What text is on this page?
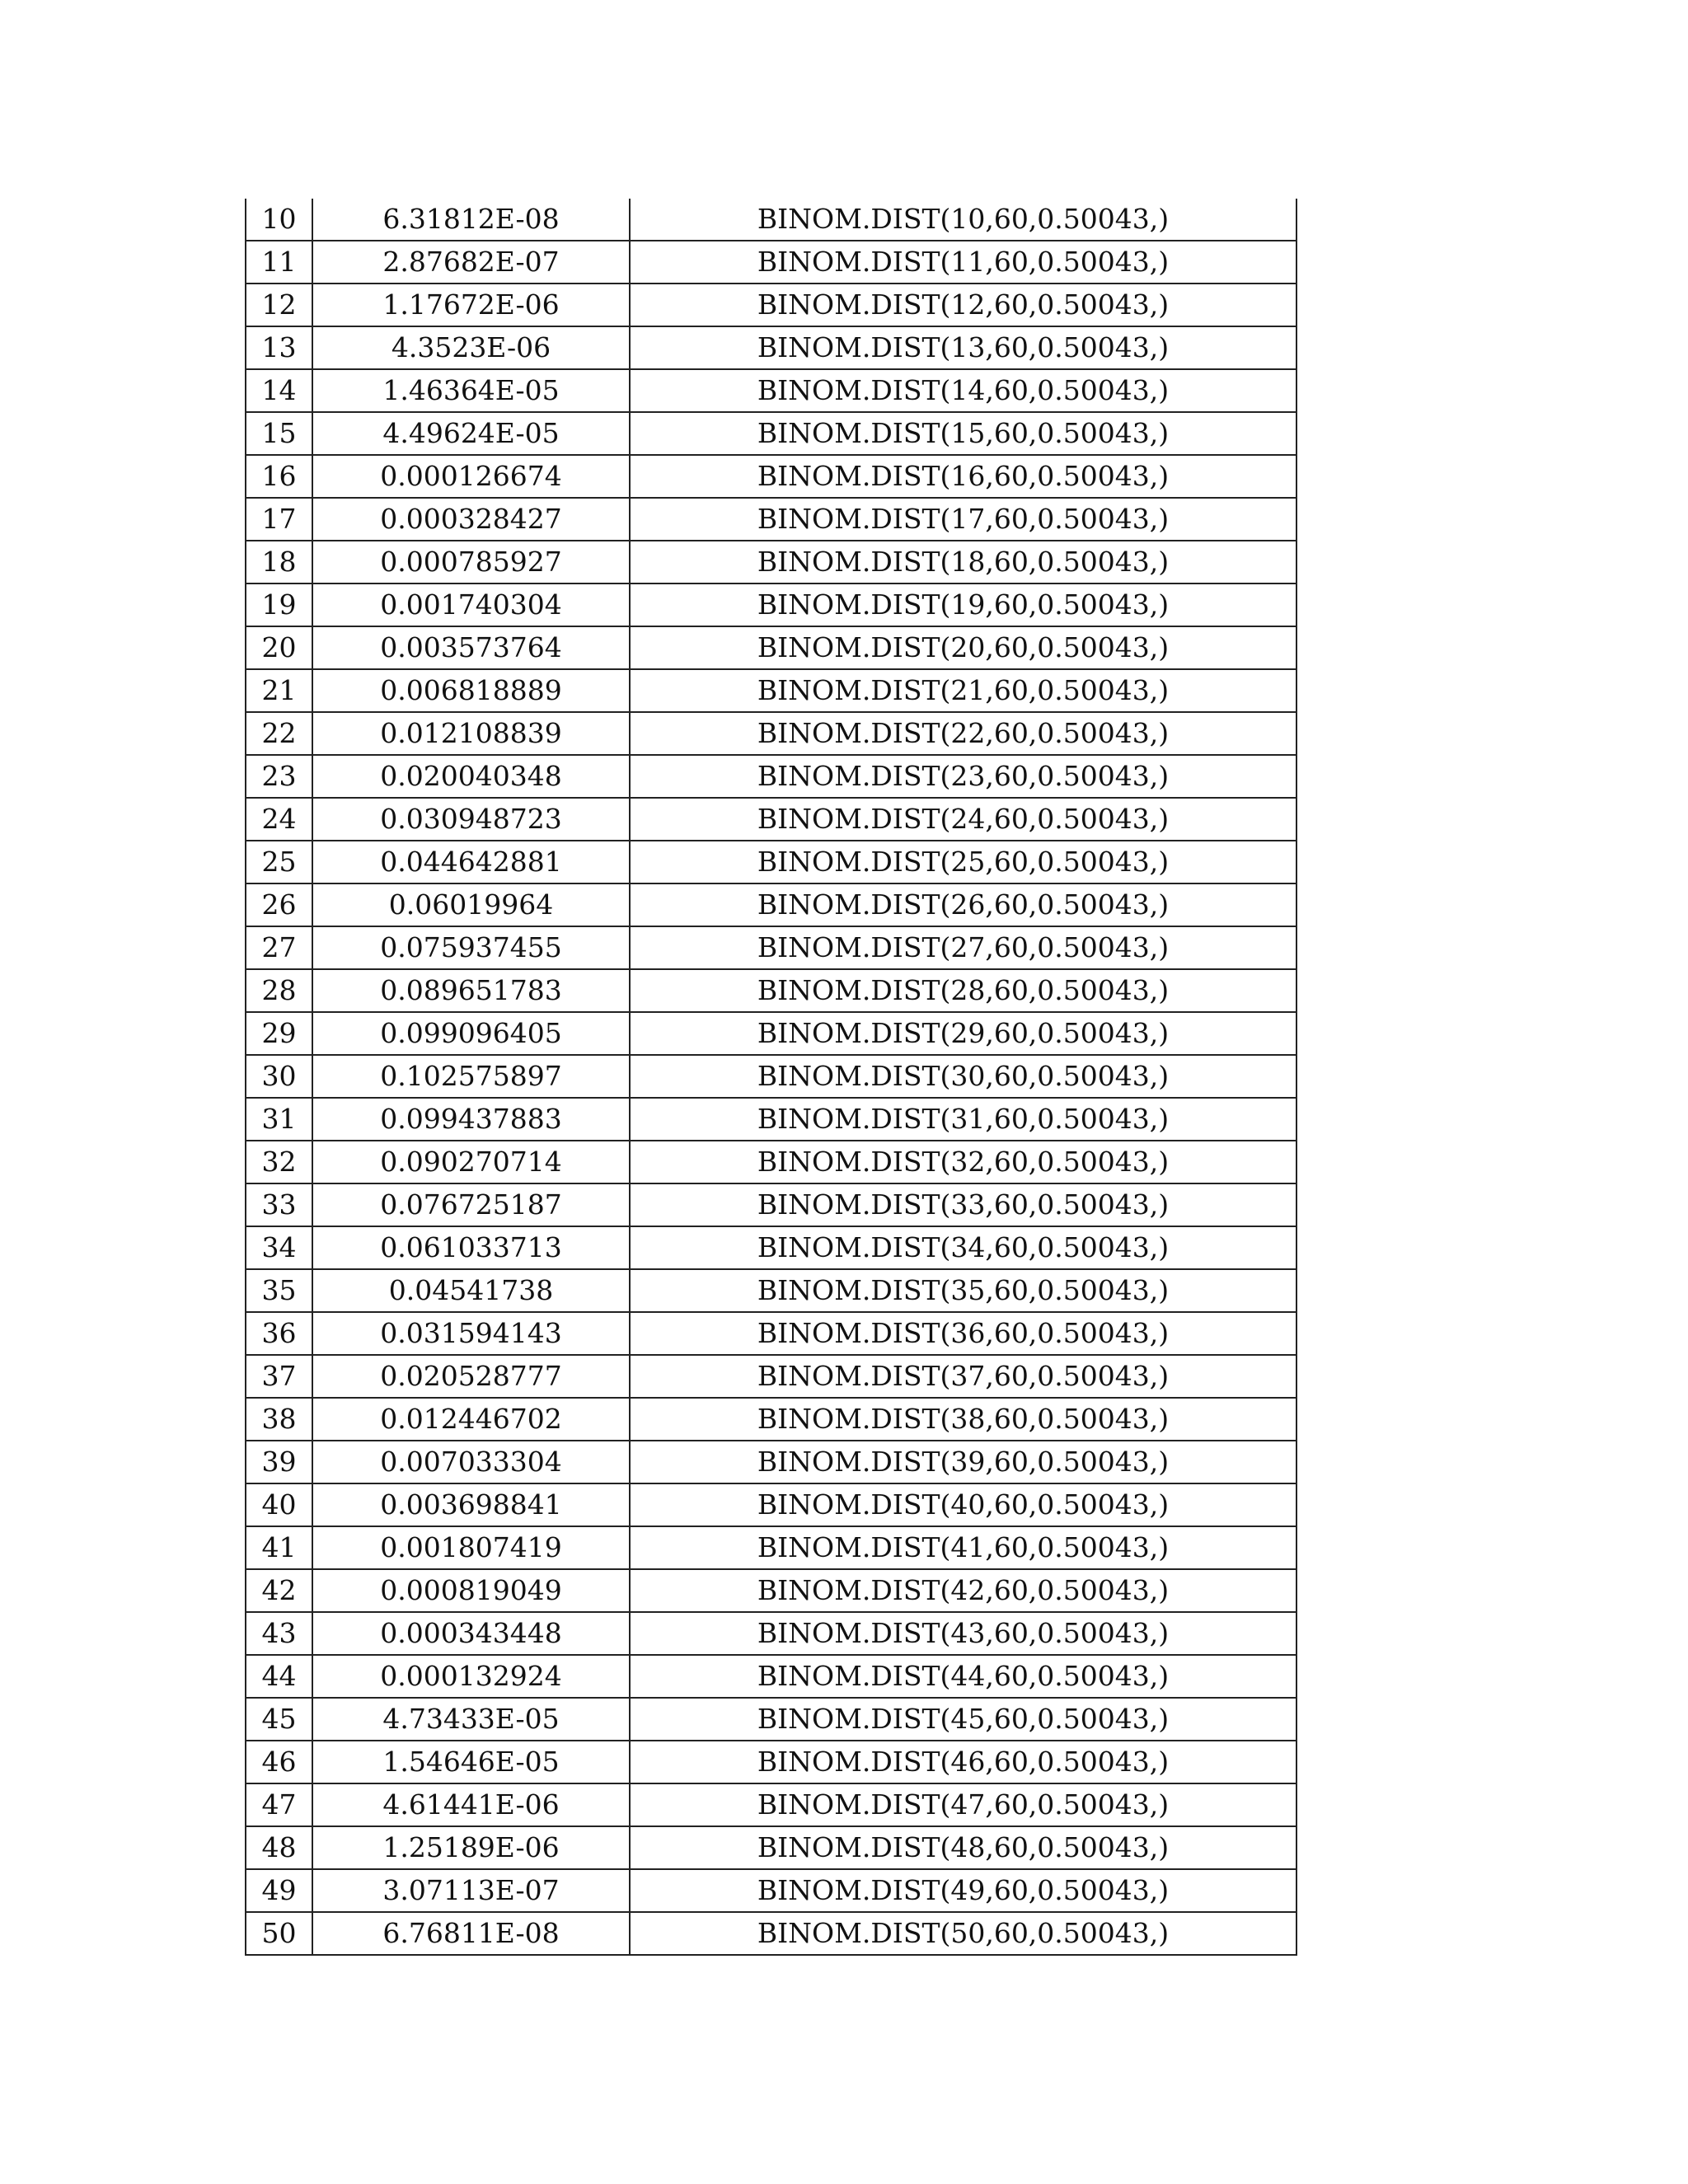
10	6.31812E-08	BINOM.DIST(10,60,0.50043,)
11	2.87682E-07	BINOM.DIST(11,60,0.50043,)
12	1.17672E-06	BINOM.DIST(12,60,0.50043,)
13	4.3523E-06	BINOM.DIST(13,60,0.50043,)
14	1.46364E-05	BINOM.DIST(14,60,0.50043,)
15	4.49624E-05	BINOM.DIST(15,60,0.50043,)
16	0.000126674	BINOM.DIST(16,60,0.50043,)
17	0.000328427	BINOM.DIST(17,60,0.50043,)
18	0.000785927	BINOM.DIST(18,60,0.50043,)
19	0.001740304	BINOM.DIST(19,60,0.50043,)
20	0.003573764	BINOM.DIST(20,60,0.50043,)
21	0.006818889	BINOM.DIST(21,60,0.50043,)
22	0.012108839	BINOM.DIST(22,60,0.50043,)
23	0.020040348	BINOM.DIST(23,60,0.50043,)
24	0.030948723	BINOM.DIST(24,60,0.50043,)
25	0.044642881	BINOM.DIST(25,60,0.50043,)
26	0.06019964	BINOM.DIST(26,60,0.50043,)
27	0.075937455	BINOM.DIST(27,60,0.50043,)
28	0.089651783	BINOM.DIST(28,60,0.50043,)
29	0.099096405	BINOM.DIST(29,60,0.50043,)
30	0.102575897	BINOM.DIST(30,60,0.50043,)
31	0.099437883	BINOM.DIST(31,60,0.50043,)
32	0.090270714	BINOM.DIST(32,60,0.50043,)
33	0.076725187	BINOM.DIST(33,60,0.50043,)
34	0.061033713	BINOM.DIST(34,60,0.50043,)
35	0.04541738	BINOM.DIST(35,60,0.50043,)
36	0.031594143	BINOM.DIST(36,60,0.50043,)
37	0.020528777	BINOM.DIST(37,60,0.50043,)
38	0.012446702	BINOM.DIST(38,60,0.50043,)
39	0.007033304	BINOM.DIST(39,60,0.50043,)
40	0.003698841	BINOM.DIST(40,60,0.50043,)
41	0.001807419	BINOM.DIST(41,60,0.50043,)
42	0.000819049	BINOM.DIST(42,60,0.50043,)
43	0.000343448	BINOM.DIST(43,60,0.50043,)
44	0.000132924	BINOM.DIST(44,60,0.50043,)
45	4.73433E-05	BINOM.DIST(45,60,0.50043,)
46	1.54646E-05	BINOM.DIST(46,60,0.50043,)
47	4.61441E-06	BINOM.DIST(47,60,0.50043,)
48	1.25189E-06	BINOM.DIST(48,60,0.50043,)
49	3.07113E-07	BINOM.DIST(49,60,0.50043,)
50	6.76811E-08	BINOM.DIST(50,60,0.50043,)
